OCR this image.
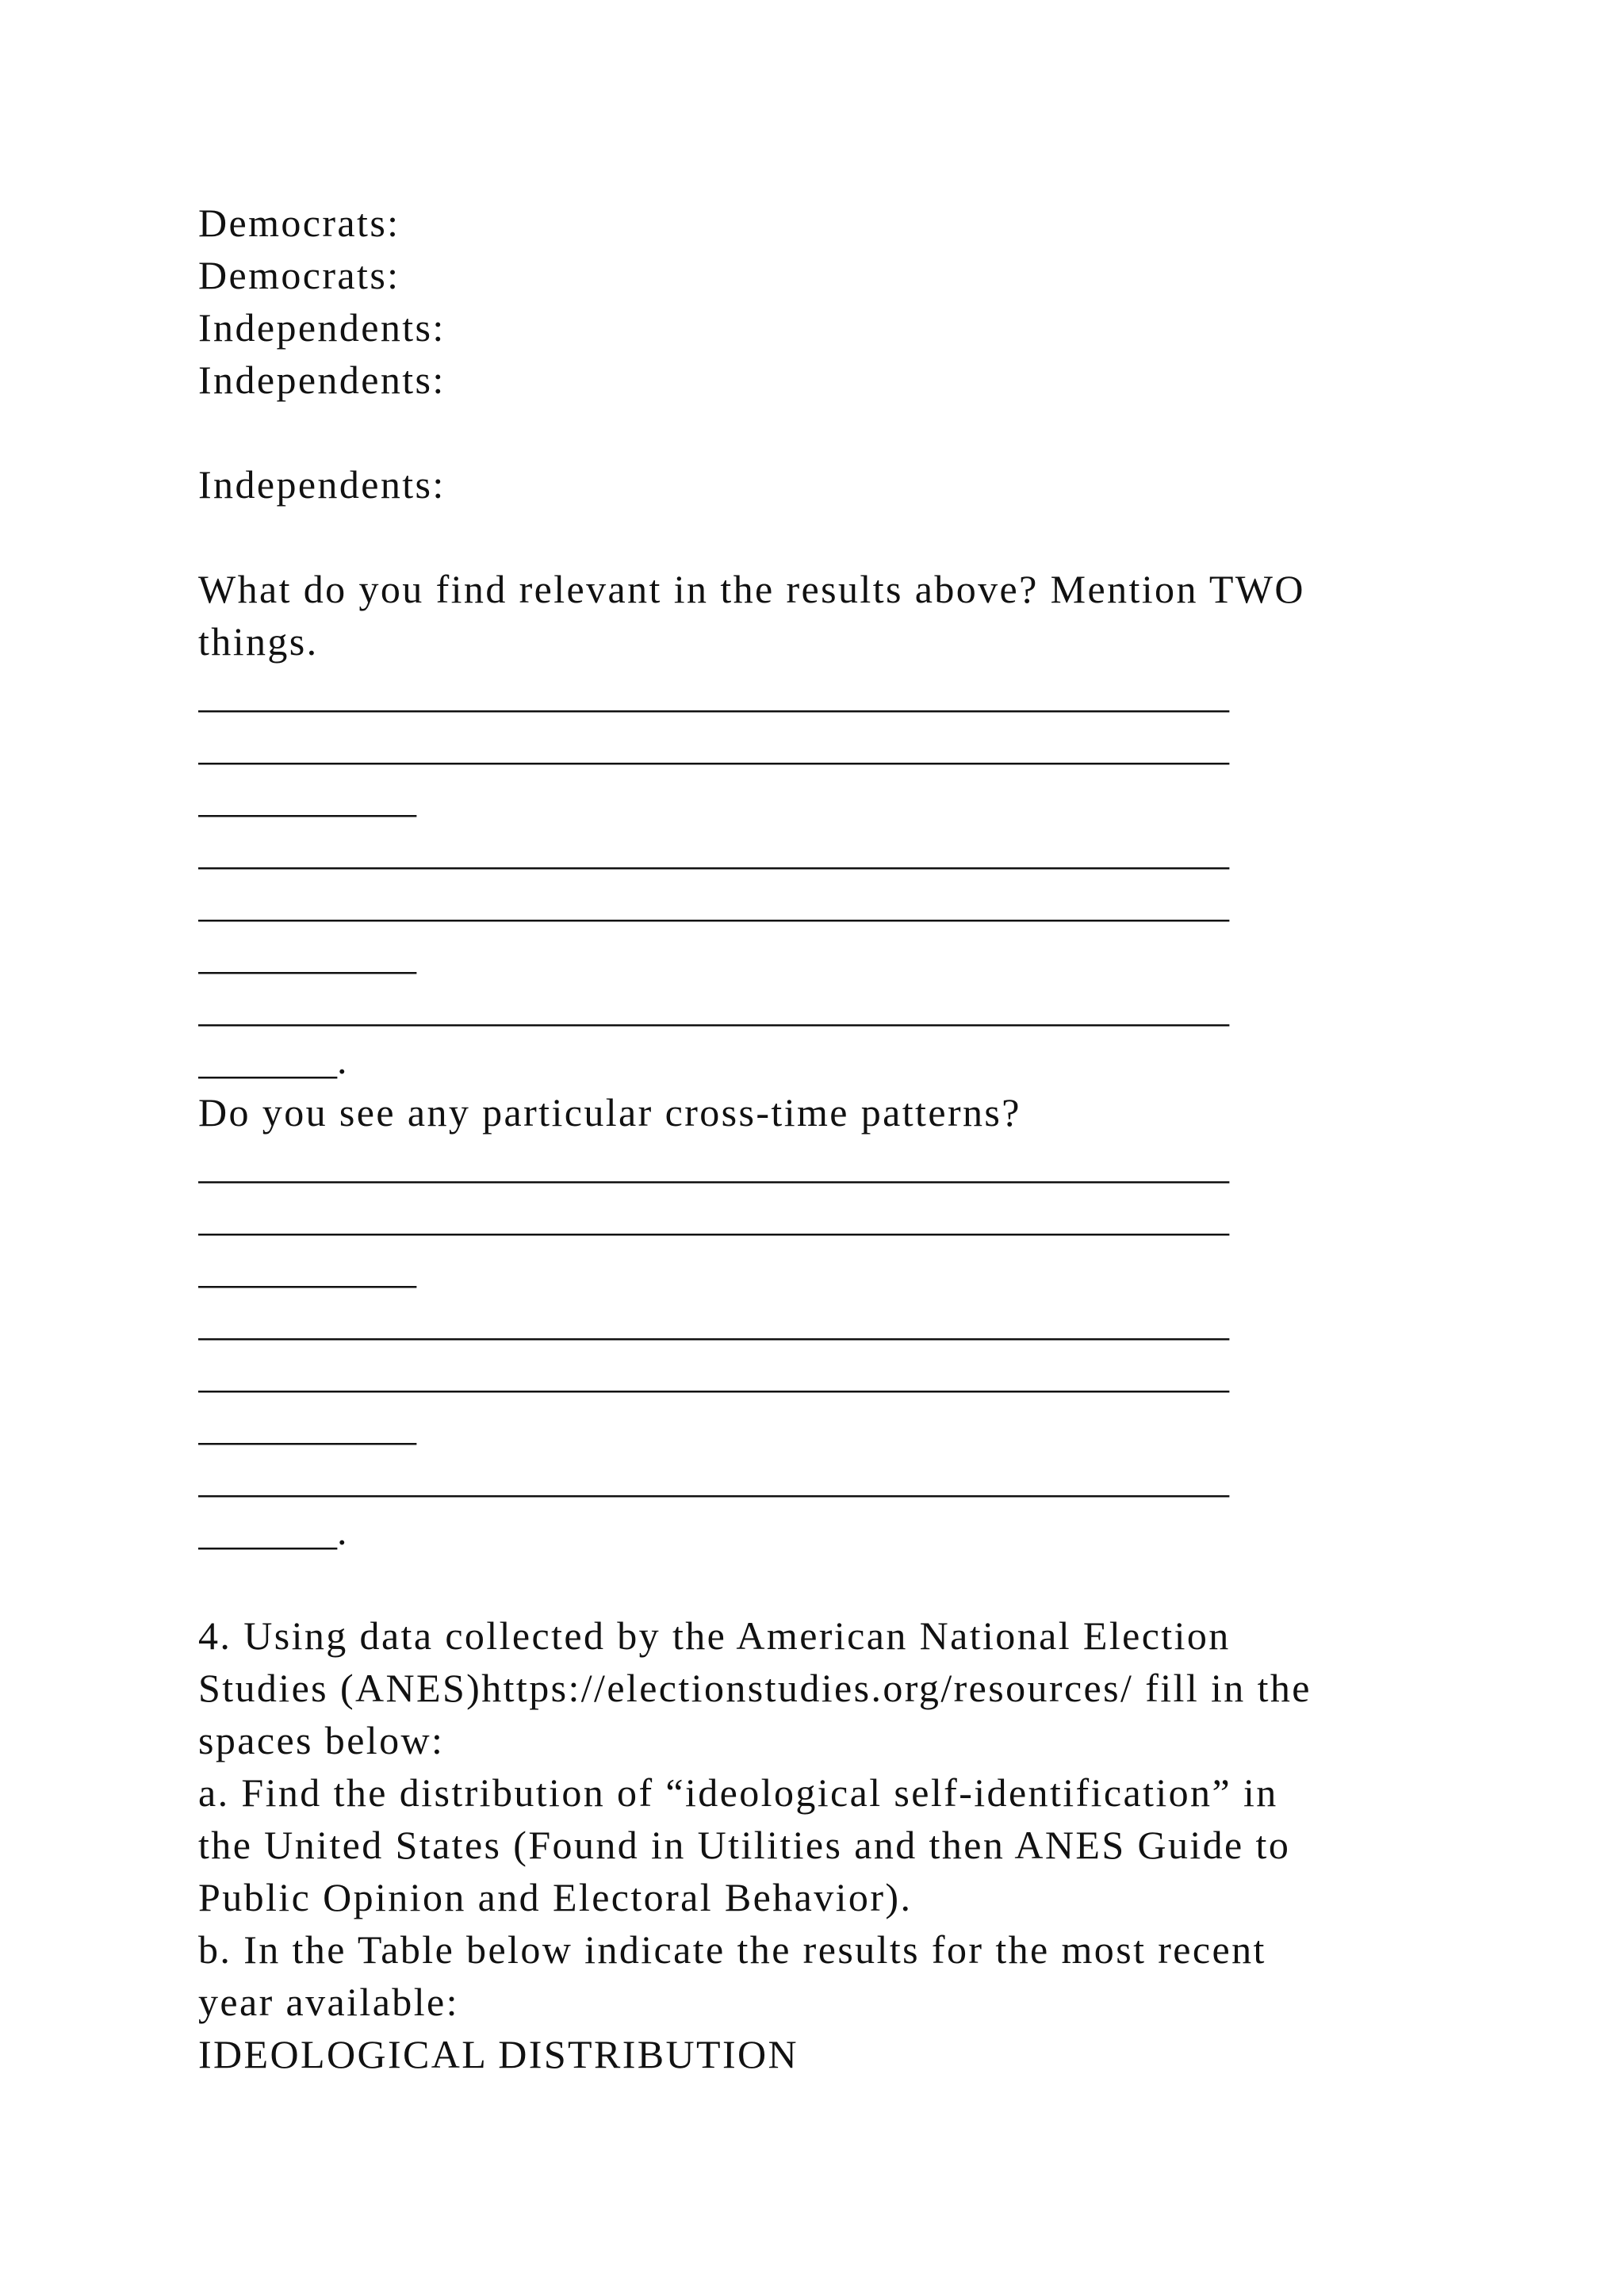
Democrats:
Democrats:
Independents:
Independents:
Independents:
What do you find relevant in the results above? Mention TWO
things.
____________________________________________________
____________________________________________________
___________
____________________________________________________
____________________________________________________
___________
____________________________________________________
_______.
Do you see any particular cross-time patterns?
____________________________________________________
____________________________________________________
___________
____________________________________________________
____________________________________________________
___________
____________________________________________________
_______.
4. Using data collected by the American National Election
Studies (ANES)https://electionstudies.org/resources/ fill in the
spaces below:
a. Find the distribution of “ideological self-identification” in
the United States (Found in Utilities and then ANES Guide to
Public Opinion and Electoral Behavior).
b. In the Table below indicate the results for the most recent
year available:
IDEOLOGICAL DISTRIBUTION
